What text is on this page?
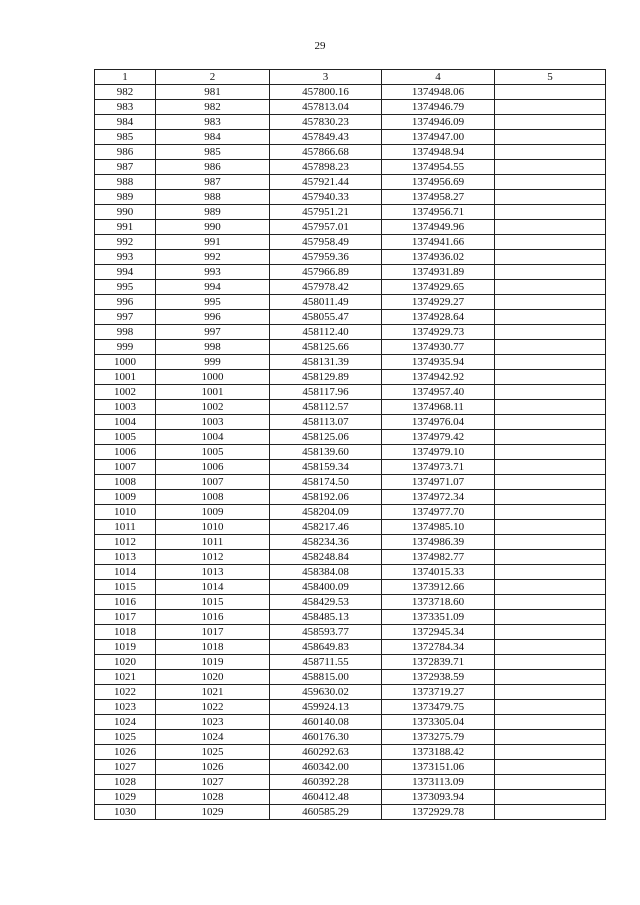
29
1	2	3	4	5
982	981	457800.16	1374948.06	
983	982	457813.04	1374946.79	
984	983	457830.23	1374946.09	
985	984	457849.43	1374947.00	
986	985	457866.68	1374948.94	
987	986	457898.23	1374954.55	
988	987	457921.44	1374956.69	
989	988	457940.33	1374958.27	
990	989	457951.21	1374956.71	
991	990	457957.01	1374949.96	
992	991	457958.49	1374941.66	
993	992	457959.36	1374936.02	
994	993	457966.89	1374931.89	
995	994	457978.42	1374929.65	
996	995	458011.49	1374929.27	
997	996	458055.47	1374928.64	
998	997	458112.40	1374929.73	
999	998	458125.66	1374930.77	
1000	999	458131.39	1374935.94	
1001	1000	458129.89	1374942.92	
1002	1001	458117.96	1374957.40	
1003	1002	458112.57	1374968.11	
1004	1003	458113.07	1374976.04	
1005	1004	458125.06	1374979.42	
1006	1005	458139.60	1374979.10	
1007	1006	458159.34	1374973.71	
1008	1007	458174.50	1374971.07	
1009	1008	458192.06	1374972.34	
1010	1009	458204.09	1374977.70	
1011	1010	458217.46	1374985.10	
1012	1011	458234.36	1374986.39	
1013	1012	458248.84	1374982.77	
1014	1013	458384.08	1374015.33	
1015	1014	458400.09	1373912.66	
1016	1015	458429.53	1373718.60	
1017	1016	458485.13	1373351.09	
1018	1017	458593.77	1372945.34	
1019	1018	458649.83	1372784.34	
1020	1019	458711.55	1372839.71	
1021	1020	458815.00	1372938.59	
1022	1021	459630.02	1373719.27	
1023	1022	459924.13	1373479.75	
1024	1023	460140.08	1373305.04	
1025	1024	460176.30	1373275.79	
1026	1025	460292.63	1373188.42	
1027	1026	460342.00	1373151.06	
1028	1027	460392.28	1373113.09	
1029	1028	460412.48	1373093.94	
1030	1029	460585.29	1372929.78	
